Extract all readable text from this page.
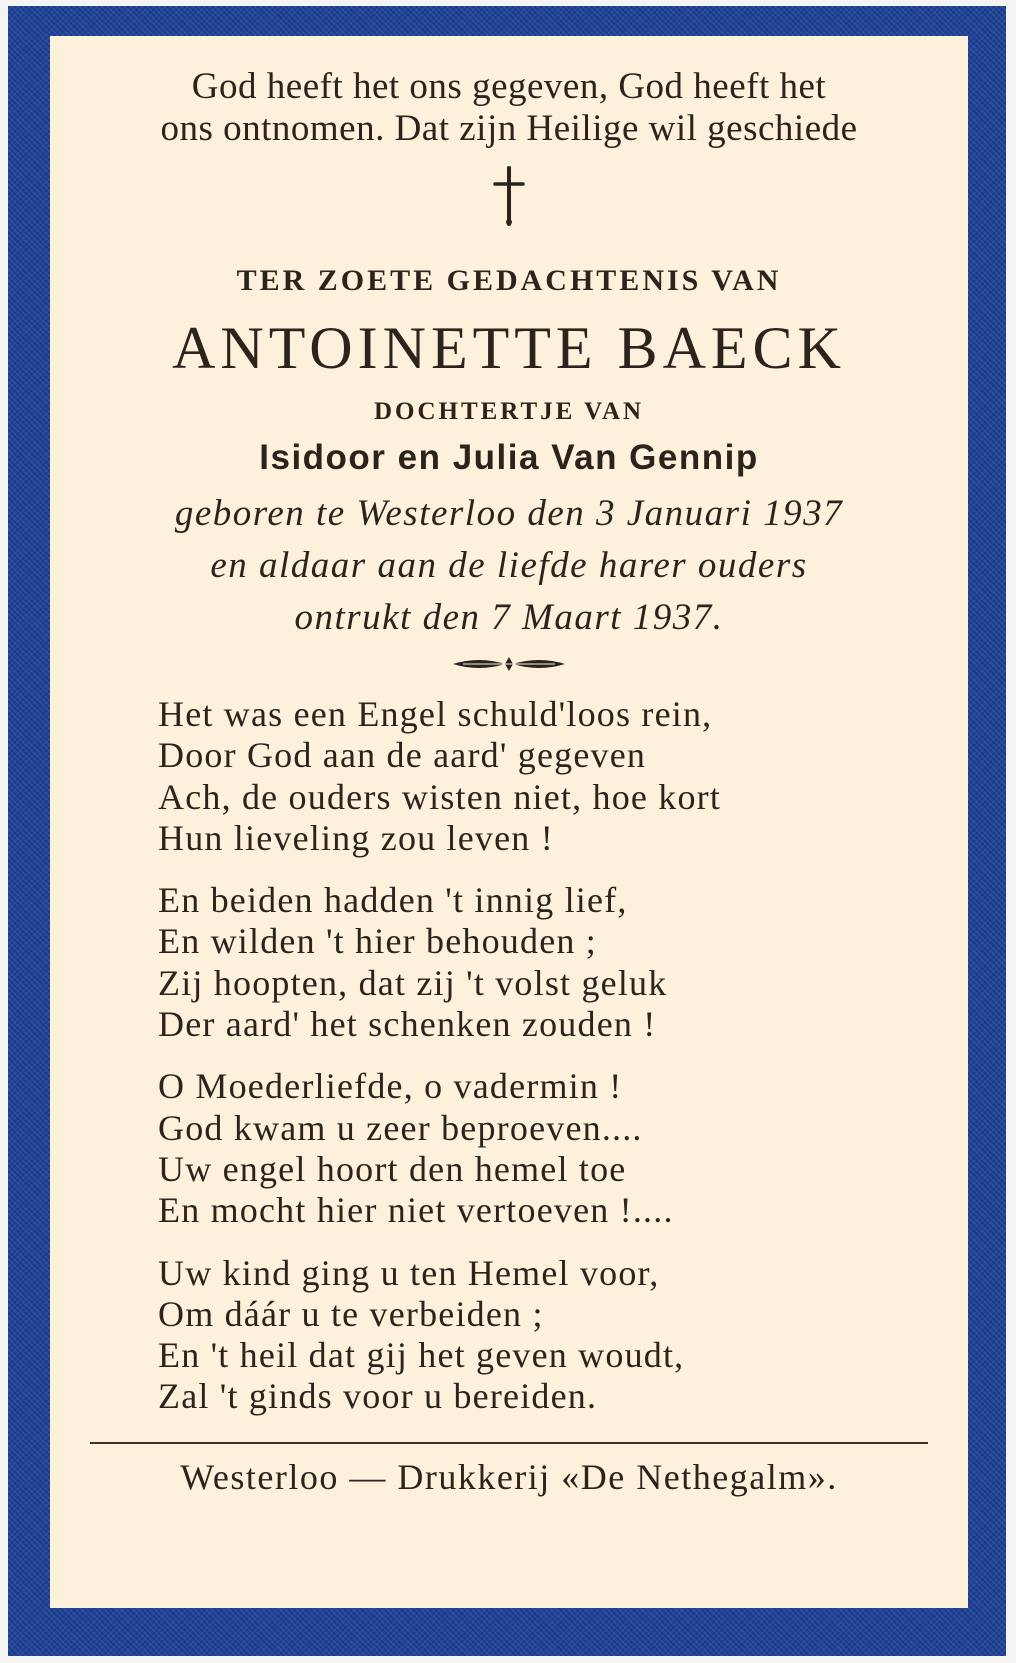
God heeft het ons gegeven, God heeft het
ons ontnomen. Dat zijn Heilige wil geschiede
TER ZOETE GEDACHTENIS VAN
ANTOINETTE BAECK
DOCHTERTJE VAN
Isidoor en Julia Van Gennip
geboren te Westerloo den 3 Januari 1937
en aldaar aan de liefde harer ouders
ontrukt den 7 Maart 1937.
Het was een Engel schuld'loos rein,
Door God aan de aard' gegeven
Ach, de ouders wisten niet, hoe kort
Hun lieveling zou leven !
En beiden hadden 't innig lief,
En wilden 't hier behouden ;
Zij hoopten, dat zij 't volst geluk
Der aard' het schenken zouden !
O Moederliefde, o vadermin !
God kwam u zeer beproeven....
Uw engel hoort den hemel toe
En mocht hier niet vertoeven !....
Uw kind ging u ten Hemel voor,
Om dáár u te verbeiden ;
En 't heil dat gij het geven woudt,
Zal 't ginds voor u bereiden.
Westerloo — Drukkerij «De Nethegalm».
